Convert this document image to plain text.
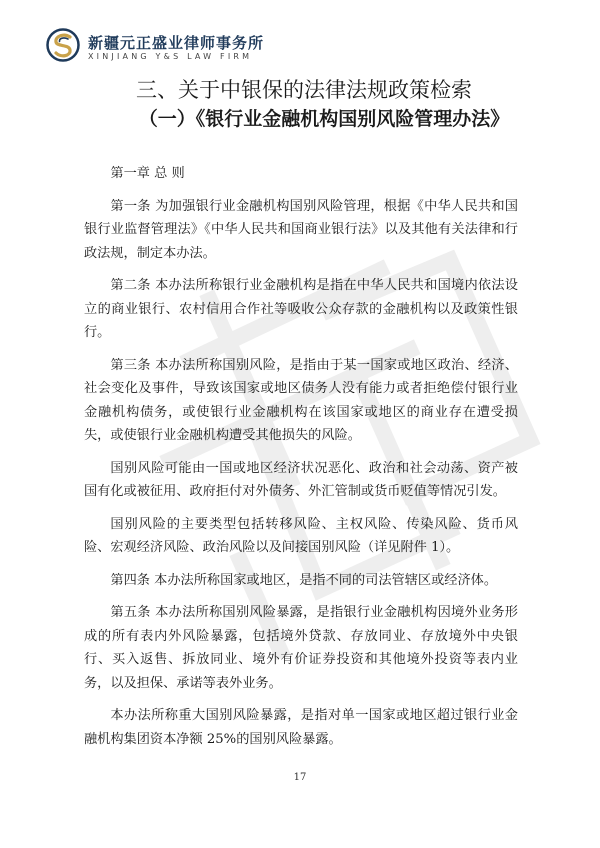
新疆元正盛业律师事务所
XINJIANG Y&S LAW FIRM
三、关于中银保的法律法规政策检索
（一）《银行业金融机构国别风险管理办法》

第一章 总 则

第一条 为加强银行业金融机构国别风险管理，根据《中华人民共和国银行业监督管理法》《中华人民共和国商业银行法》以及其他有关法律和行政法规，制定本办法。

第二条 本办法所称银行业金融机构是指在中华人民共和国境内依法设立的商业银行、农村信用合作社等吸收公众存款的金融机构以及政策性银行。

第三条 本办法所称国别风险，是指由于某一国家或地区政治、经济、社会变化及事件，导致该国家或地区债务人没有能力或者拒绝偿付银行业金融机构债务，或使银行业金融机构在该国家或地区的商业存在遭受损失，或使银行业金融机构遭受其他损失的风险。

国别风险可能由一国或地区经济状况恶化、政治和社会动荡、资产被国有化或被征用、政府拒付对外债务、外汇管制或货币贬值等情况引发。

国别风险的主要类型包括转移风险、主权风险、传染风险、货币风险、宏观经济风险、政治风险以及间接国别风险（详见附件 1）。

第四条 本办法所称国家或地区，是指不同的司法管辖区或经济体。

第五条 本办法所称国别风险暴露，是指银行业金融机构因境外业务形成的所有表内外风险暴露，包括境外贷款、存放同业、存放境外中央银行、买入返售、拆放同业、境外有价证券投资和其他境外投资等表内业务，以及担保、承诺等表外业务。

本办法所称重大国别风险暴露，是指对单一国家或地区超过银行业金融机构集团资本净额 25%的国别风险暴露。

17
